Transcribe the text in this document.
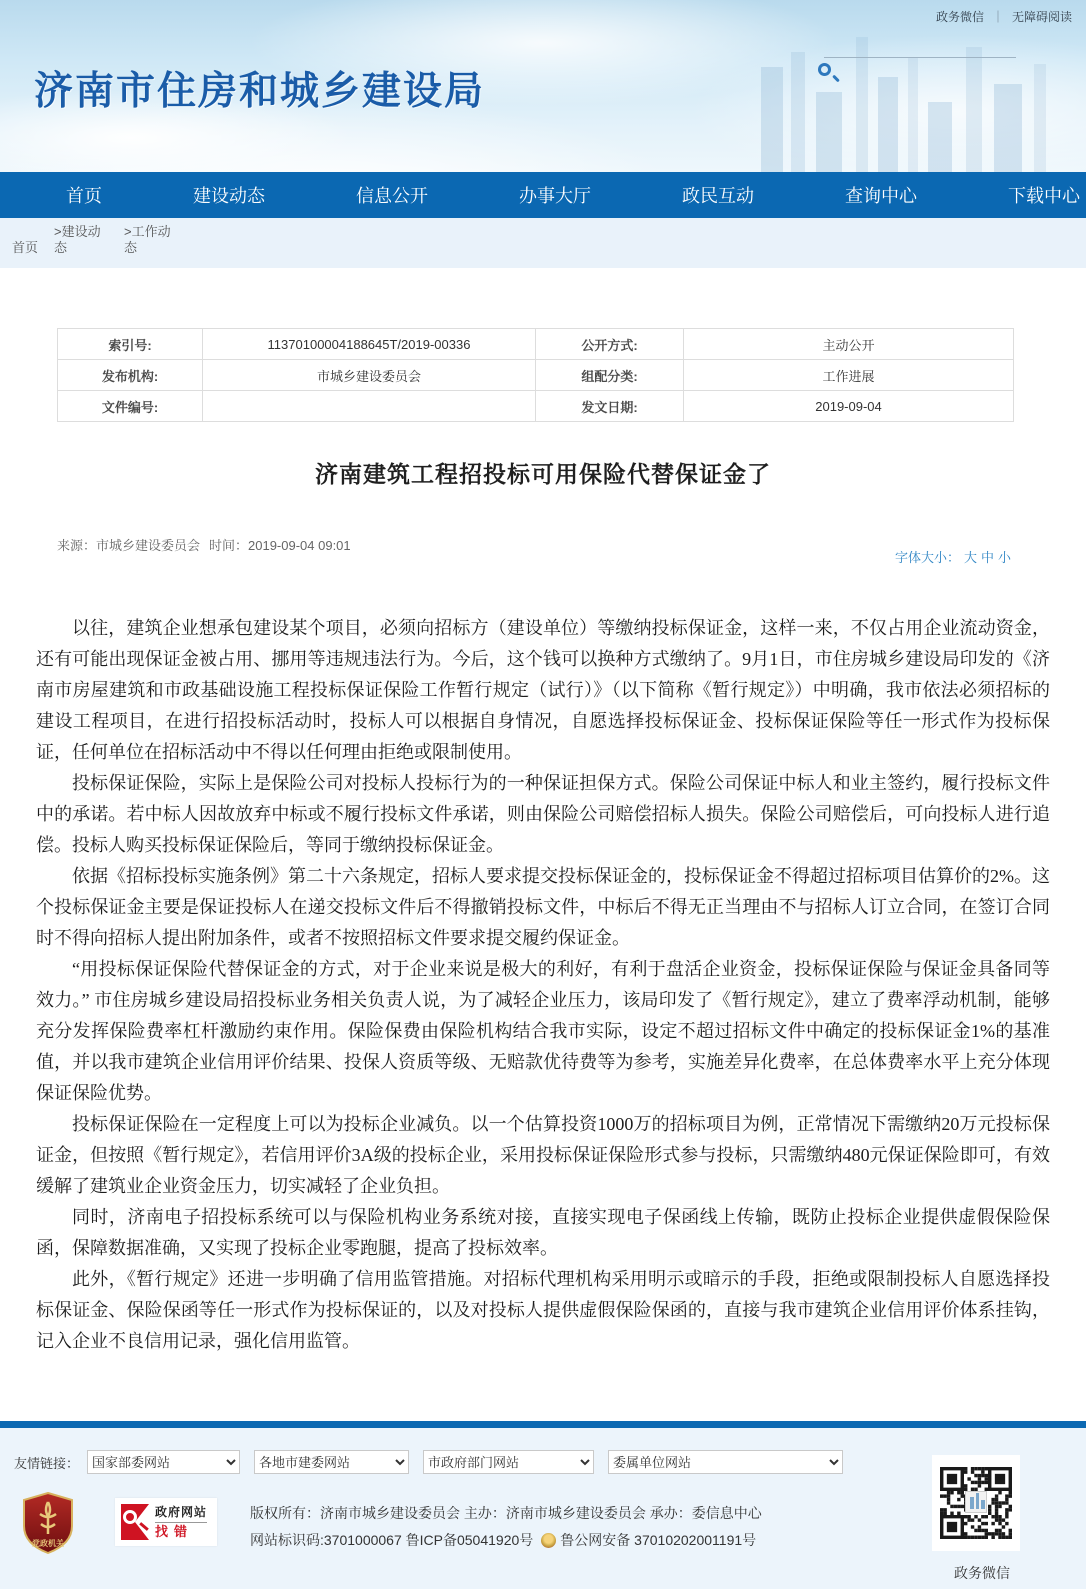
政务微信 ｜ 无障碍阅读
济南市住房和城乡建设局
首页	建设动态	信息公开	办事大厅	政民互动	查询中心	下载中心
首页>建设动态>工作动态
索引号:	11370100004188645T/2019-00336	公开方式:	主动公开
发布机构:	市城乡建设委员会	组配分类:	工作进展
文件编号:		发文日期:	2019-09-04
济南建筑工程招投标可用保险代替保证金了
来源：市城乡建设委员会 时间：2019-09-04 09:01
字体大小： 大 中 小

以往，建筑企业想承包建设某个项目，必须向招标方（建设单位）等缴纳投标保证金，这样一来，不仅占用企业流动资金，还有可能出现保证金被占用、挪用等违规违法行为。今后，这个钱可以换种方式缴纳了。9月1日，市住房城乡建设局印发的《济南市房屋建筑和市政基础设施工程投标保证保险工作暂行规定（试行）》（以下简称《暂行规定》）中明确，我市依法必须招标的建设工程项目，在进行招投标活动时，投标人可以根据自身情况，自愿选择投标保证金、投标保证保险等任一形式作为投标保证，任何单位在招标活动中不得以任何理由拒绝或限制使用。

投标保证保险，实际上是保险公司对投标人投标行为的一种保证担保方式。保险公司保证中标人和业主签约，履行投标文件中的承诺。若中标人因故放弃中标或不履行投标文件承诺，则由保险公司赔偿招标人损失。保险公司赔偿后，可向投标人进行追偿。投标人购买投标保证保险后，等同于缴纳投标保证金。

依据《招标投标实施条例》第二十六条规定，招标人要求提交投标保证金的，投标保证金不得超过招标项目估算价的2%。这个投标保证金主要是保证投标人在递交投标文件后不得撤销投标文件，中标后不得无正当理由不与招标人订立合同，在签订合同时不得向招标人提出附加条件，或者不按照招标文件要求提交履约保证金。

“用投标保证保险代替保证金的方式，对于企业来说是极大的利好，有利于盘活企业资金，投标保证保险与保证金具备同等效力。” 市住房城乡建设局招投标业务相关负责人说，为了减轻企业压力，该局印发了《暂行规定》，建立了费率浮动机制，能够充分发挥保险费率杠杆激励约束作用。保险保费由保险机构结合我市实际，设定不超过招标文件中确定的投标保证金1%的基准值，并以我市建筑企业信用评价结果、投保人资质等级、无赔款优待费等为参考，实施差异化费率，在总体费率水平上充分体现保证保险优势。

投标保证保险在一定程度上可以为投标企业减负。以一个估算投资1000万的招标项目为例，正常情况下需缴纳20万元投标保证金，但按照《暂行规定》，若信用评价3A级的投标企业，采用投标保证保险形式参与投标，只需缴纳480元保证保险即可，有效缓解了建筑业企业资金压力，切实减轻了企业负担。

同时，济南电子招投标系统可以与保险机构业务系统对接，直接实现电子保函线上传输，既防止投标企业提供虚假保险保函，保障数据准确，又实现了投标企业零跑腿，提高了投标效率。

此外，《暂行规定》还进一步明确了信用监管措施。对招标代理机构采用明示或暗示的手段，拒绝或限制投标人自愿选择投标保证金、保险保函等任一形式作为投标保证的，以及对投标人提供虚假保险保函的，直接与我市建筑企业信用评价体系挂钩，记入企业不良信用记录，强化信用监管。

友情链接：
国家部委网站
各地市建委网站
市政府部门网站
委属单位网站
党政机关
政府网站
找错
版权所有：济南市城乡建设委员会 主办：济南市城乡建设委员会 承办：委信息中心
网站标识码:3701000067 鲁ICP备05041920号 鲁公网安备 37010202001191号
政务微信
